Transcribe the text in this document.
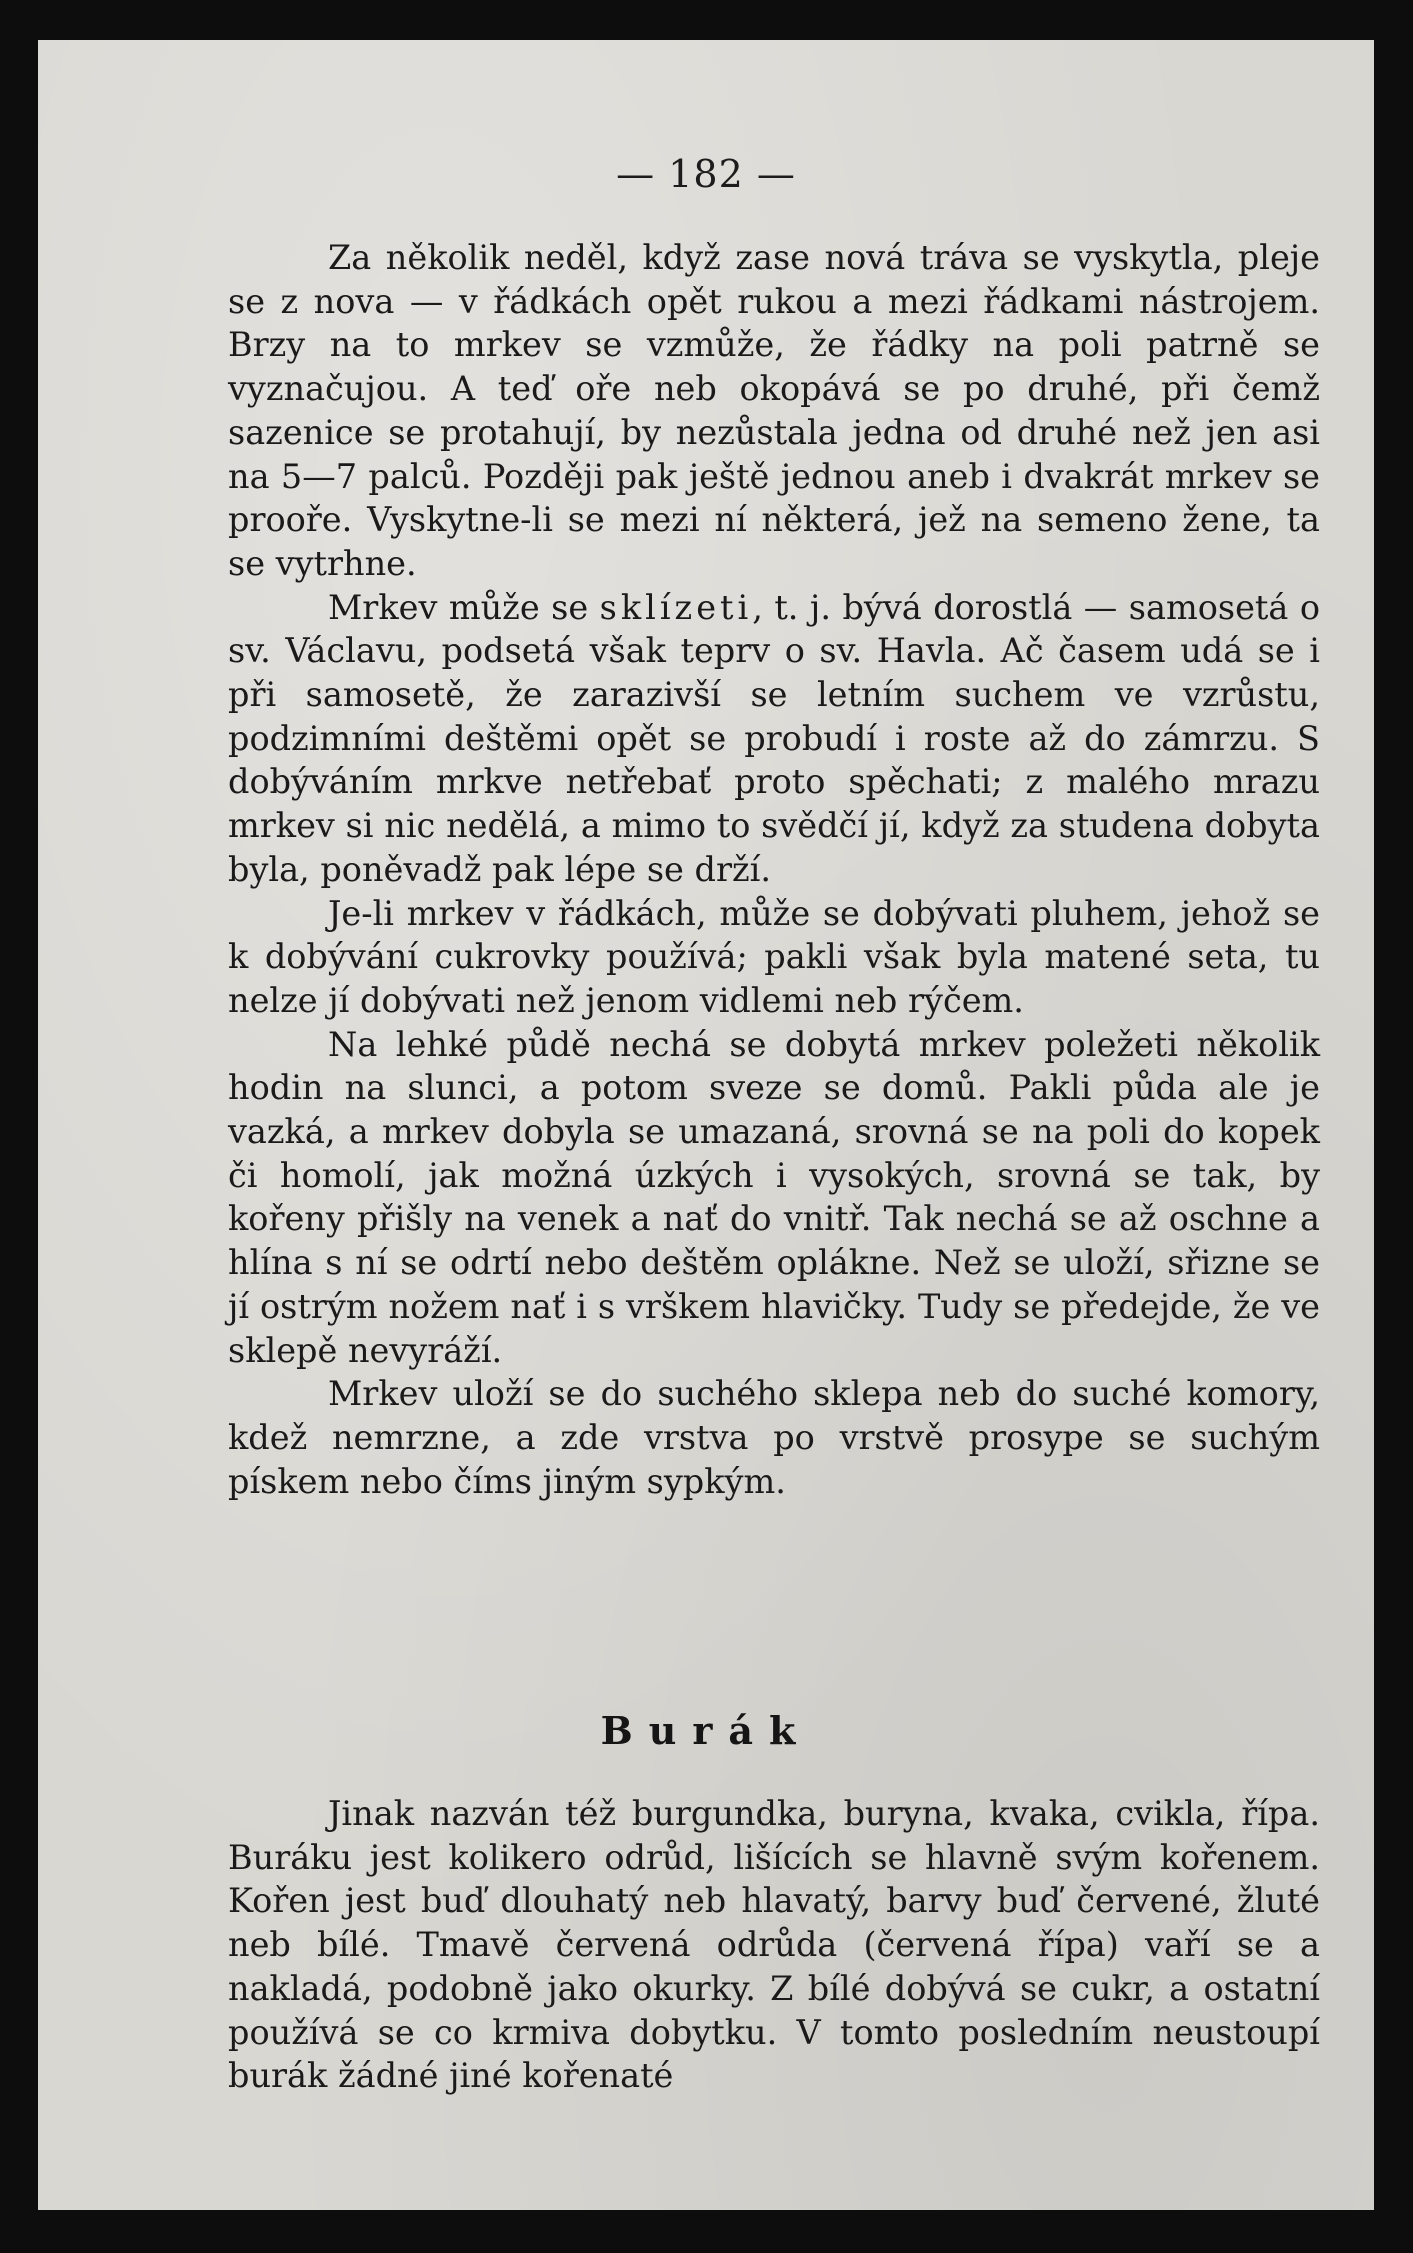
— 182 —

Za několik neděl, když zase nová tráva se vyskytla, pleje se z nova — v řádkách opět rukou a mezi řádkami nástrojem. Brzy na to mrkev se vzmůže, že řádky na poli patrně se vyznačujou. A teď oře neb okopává se po druhé, při čemž sazenice se protahují, by nezůstala jedna od druhé než jen asi na 5—7 palců. Později pak ještě jednou aneb i dvakrát mrkev se prooře. Vyskytne-li se mezi ní některá, jež na semeno žene, ta se vytrhne.

Mrkev může se sklízeti, t. j. bývá dorostlá — samosetá o sv. Václavu, podsetá však teprv o sv. Havla. Ač časem udá se i při samosetě, že zarazivší se letním suchem ve vzrůstu, podzimními deštěmi opět se probudí i roste až do zámrzu. S dobýváním mrkve netřebať proto spěchati; z malého mrazu mrkev si nic nedělá, a mimo to svědčí jí, když za studena dobyta byla, poněvadž pak lépe se drží.

Je-li mrkev v řádkách, může se dobývati pluhem, jehož se k dobývání cukrovky používá; pakli však byla matené seta, tu nelze jí dobývati než jenom vidlemi neb rýčem.

Na lehké půdě nechá se dobytá mrkev poležeti několik hodin na slunci, a potom sveze se domů. Pakli půda ale je vazká, a mrkev dobyla se umazaná, srovná se na poli do kopek či homolí, jak možná úzkých i vysokých, srovná se tak, by kořeny přišly na venek a nať do vnitř. Tak nechá se až oschne a hlína s ní se odrtí nebo deštěm opláknе. Než se uloží, sřizne se jí ostrým nožem nať i s vrškem hlavičky. Tudy se předejde, že ve sklepě nevyráží.

Mrkev uloží se do suchého sklepa neb do suché komory, kdež nemrzne, a zde vrstva po vrstvě prosype se suchým pískem nebo číms jiným sypkým.

Burák

Jinak nazván též burgundka, buryna, kvaka, cvikla, řípa. Buráku jest kolikero odrůd, lišících se hlavně svým kořenem. Kořen jest buď dlouhatý neb hlavatý, barvy buď červené, žluté neb bílé. Tmavě červená odrůda (červená řípa) vaří se a nakladá, podobně jako okurky. Z bílé dobývá se cukr, a ostatní používá se co krmiva dobytku. V tomto posledním neustoupí burák žádné jiné kořenaté
